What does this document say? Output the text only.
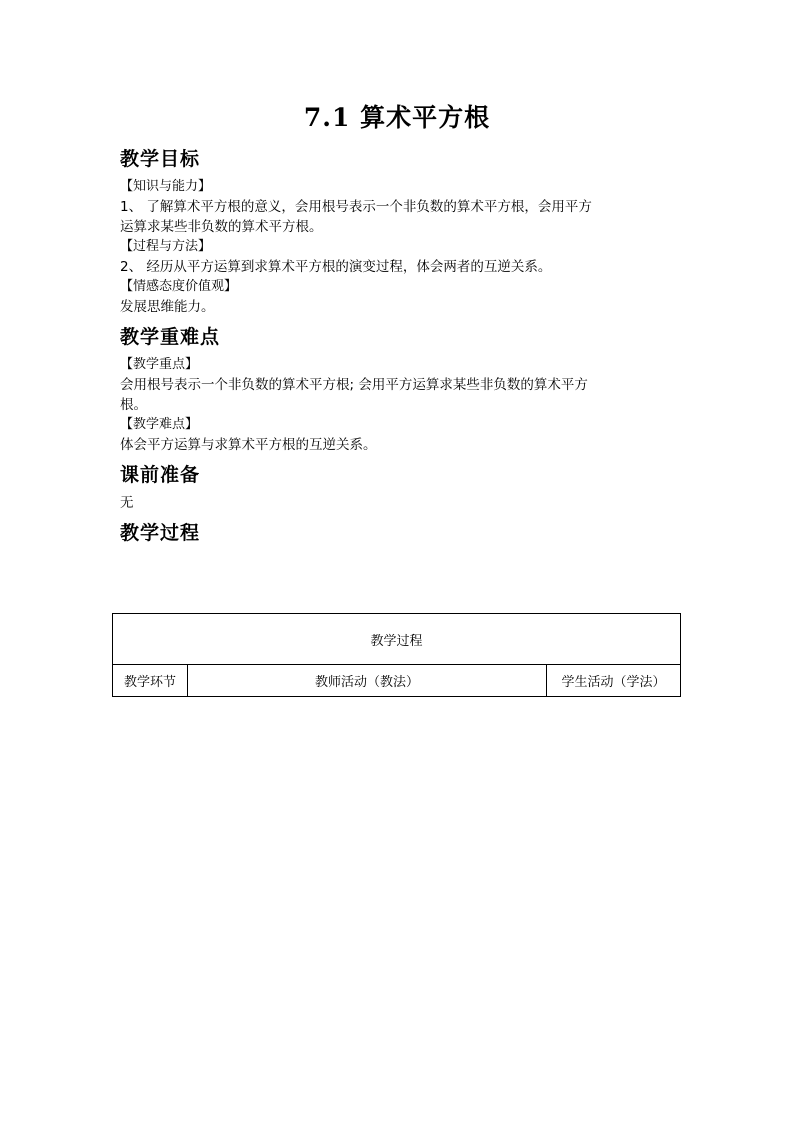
7.1 算术平方根
教学目标
【知识与能力】
1、 了解算术平方根的意义，会用根号表示一个非负数的算术平方根，会用平方
运算求某些非负数的算术平方根。
【过程与方法】
2、 经历从平方运算到求算术平方根的演变过程，体会两者的互逆关系。
【情感态度价值观】
发展思维能力。
教学重难点
【教学重点】
会用根号表示一个非负数的算术平方根; 会用平方运算求某些非负数的算术平方
根。
【教学难点】
体会平方运算与求算术平方根的互逆关系。
课前准备
无
教学过程
教学过程
教学环节	教师活动（教法）	学生活动（学法）
